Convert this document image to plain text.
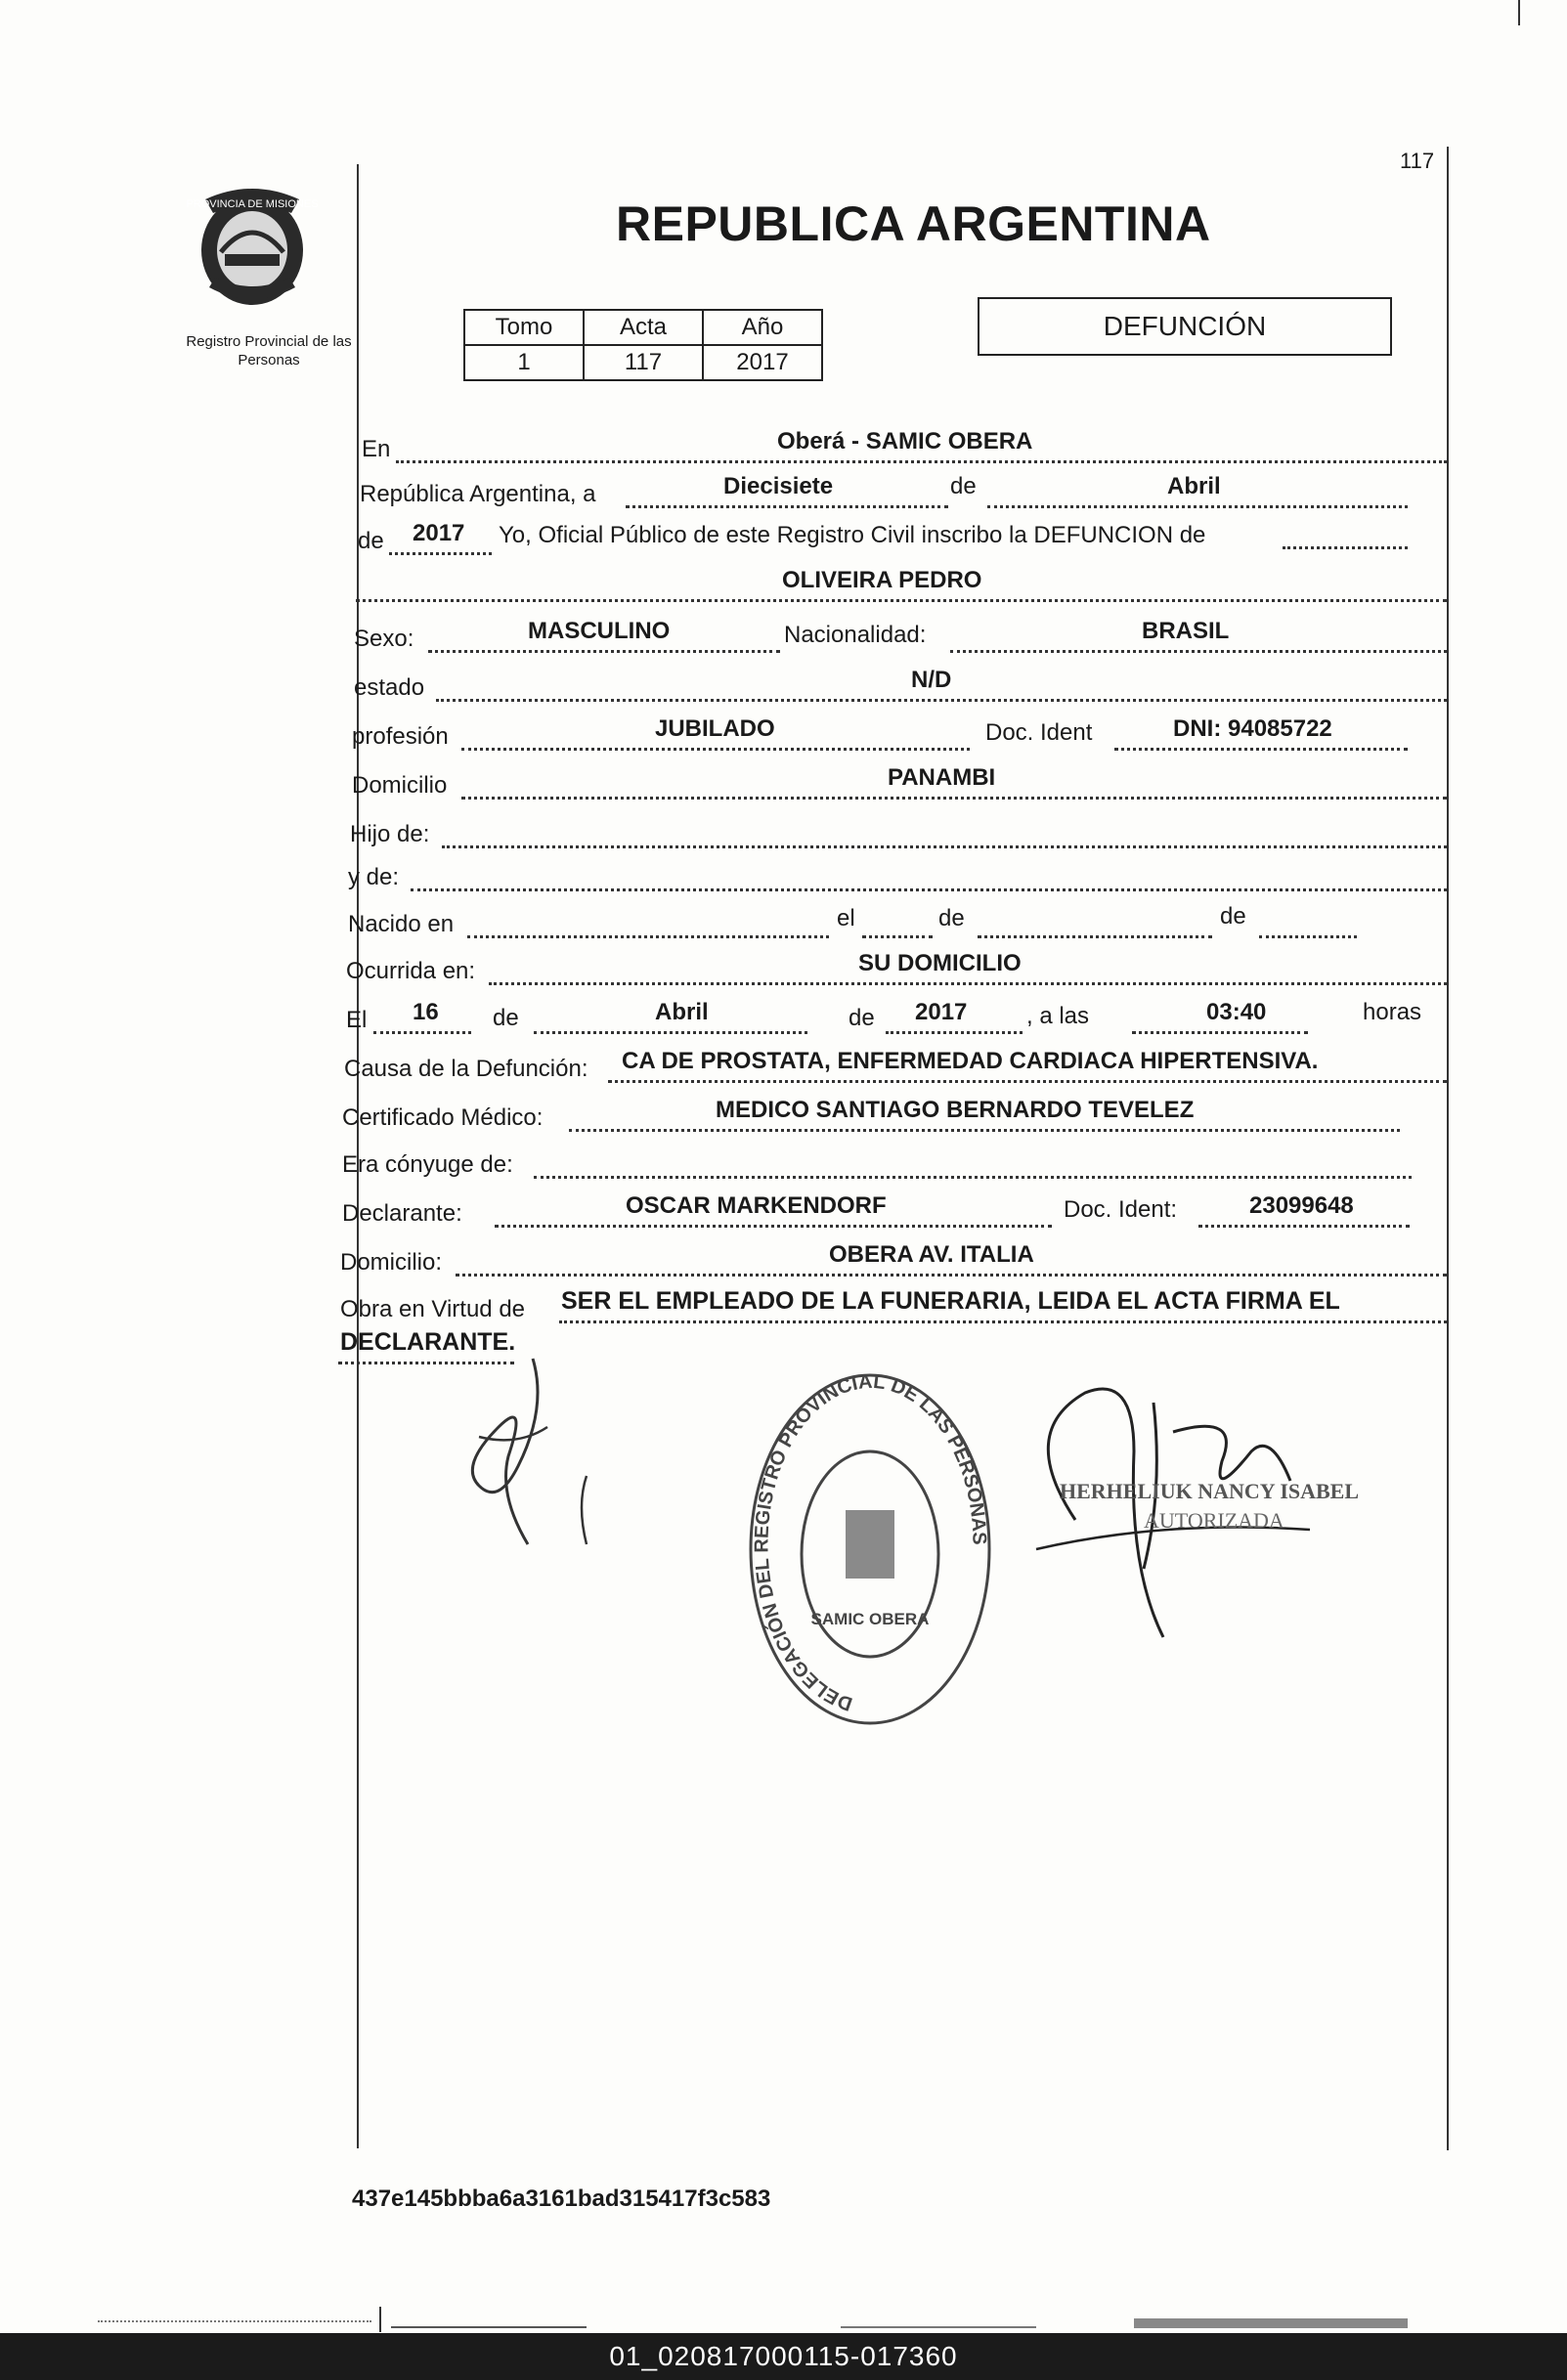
117
PROVINCIA DE MISIONES
Registro Provincial de las Personas
REPUBLICA ARGENTINA
Tomo	Acta	Año
1	117	2017
DEFUNCIÓN
En	Oberá - SAMIC OBERA
República Argentina, a	Diecisiete	de	Abril
de 2017 Yo, Oficial Público de este Registro Civil inscribo la DEFUNCION de
OLIVEIRA PEDRO
Sexo:	MASCULINO	Nacionalidad:	BRASIL
estado	N/D
profesión	JUBILADO	Doc. Ident	DNI: 94085722
Domicilio	PANAMBI
Hijo de:
y de:
Nacido en	el	de	de
Ocurrida en:	SU DOMICILIO
El 16 de	Abril	de 2017	, a las	03:40	horas
Causa de la Defunción: CA DE PROSTATA, ENFERMEDAD CARDIACA HIPERTENSIVA.
Certificado Médico:	MEDICO SANTIAGO BERNARDO TEVELEZ
Era cónyuge de:
Declarante:	OSCAR MARKENDORF	Doc. Ident:	23099648
Domicilio:	OBERA AV. ITALIA
Obra en Virtud de SER EL EMPLEADO DE LA FUNERARIA, LEIDA EL ACTA FIRMA EL
DECLARANTE.
DELEGACIÓN DEL REGISTRO PROVINCIAL DE LAS PERSONAS
SAMIC OBERA
HERHELIUK NANCY ISABEL
AUTORIZADA
437e145bbba6a3161bad315417f3c583
01_020817000115-017360
